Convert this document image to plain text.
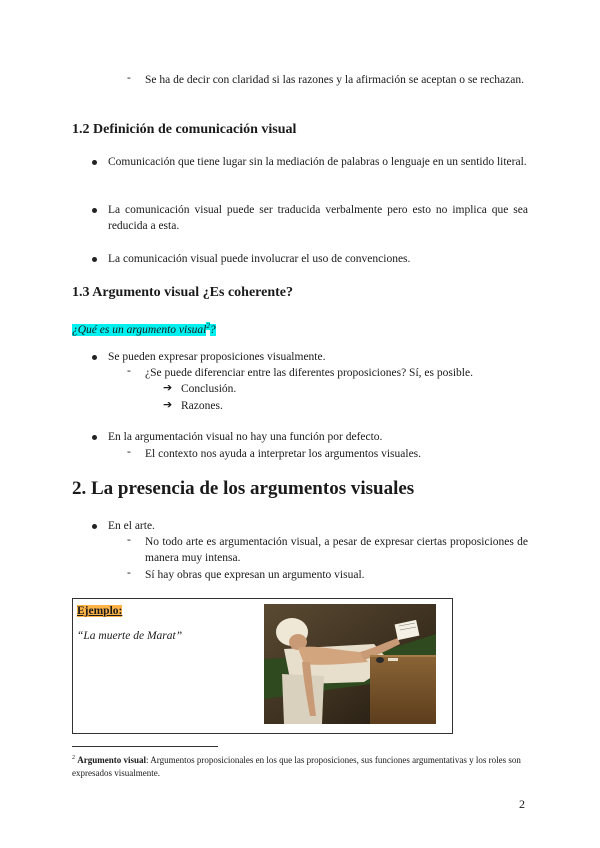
- Se ha de decir con claridad si las razones y la afirmación se aceptan o se rechazan.
1.2 Definición de comunicación visual
Comunicación que tiene lugar sin la mediación de palabras o lenguaje en un sentido literal.
La comunicación visual puede ser traducida verbalmente pero esto no implica que sea reducida a esta.
La comunicación visual puede involucrar el uso de convenciones.
1.3 Argumento visual ¿Es coherente?
¿Qué es un argumento visual$^2$?
Se pueden expresar proposiciones visualmente.
- ¿Se puede diferenciar entre las diferentes proposiciones? Sí, es posible.
➔ Conclusión.
➔ Razones.
En la argumentación visual no hay una función por defecto.
- El contexto nos ayuda a interpretar los argumentos visuales.
2. La presencia de los argumentos visuales
En el arte.
- No todo arte es argumentación visual, a pesar de expresar ciertas proposiciones de manera muy intensa.
- Sí hay obras que expresan un argumento visual.
Ejemplo:
“La muerte de Marat”
$^2$ Argumento visual: Argumentos proposicionales en los que las proposiciones, sus funciones argumentativas y los roles son expresados visualmente.
2
